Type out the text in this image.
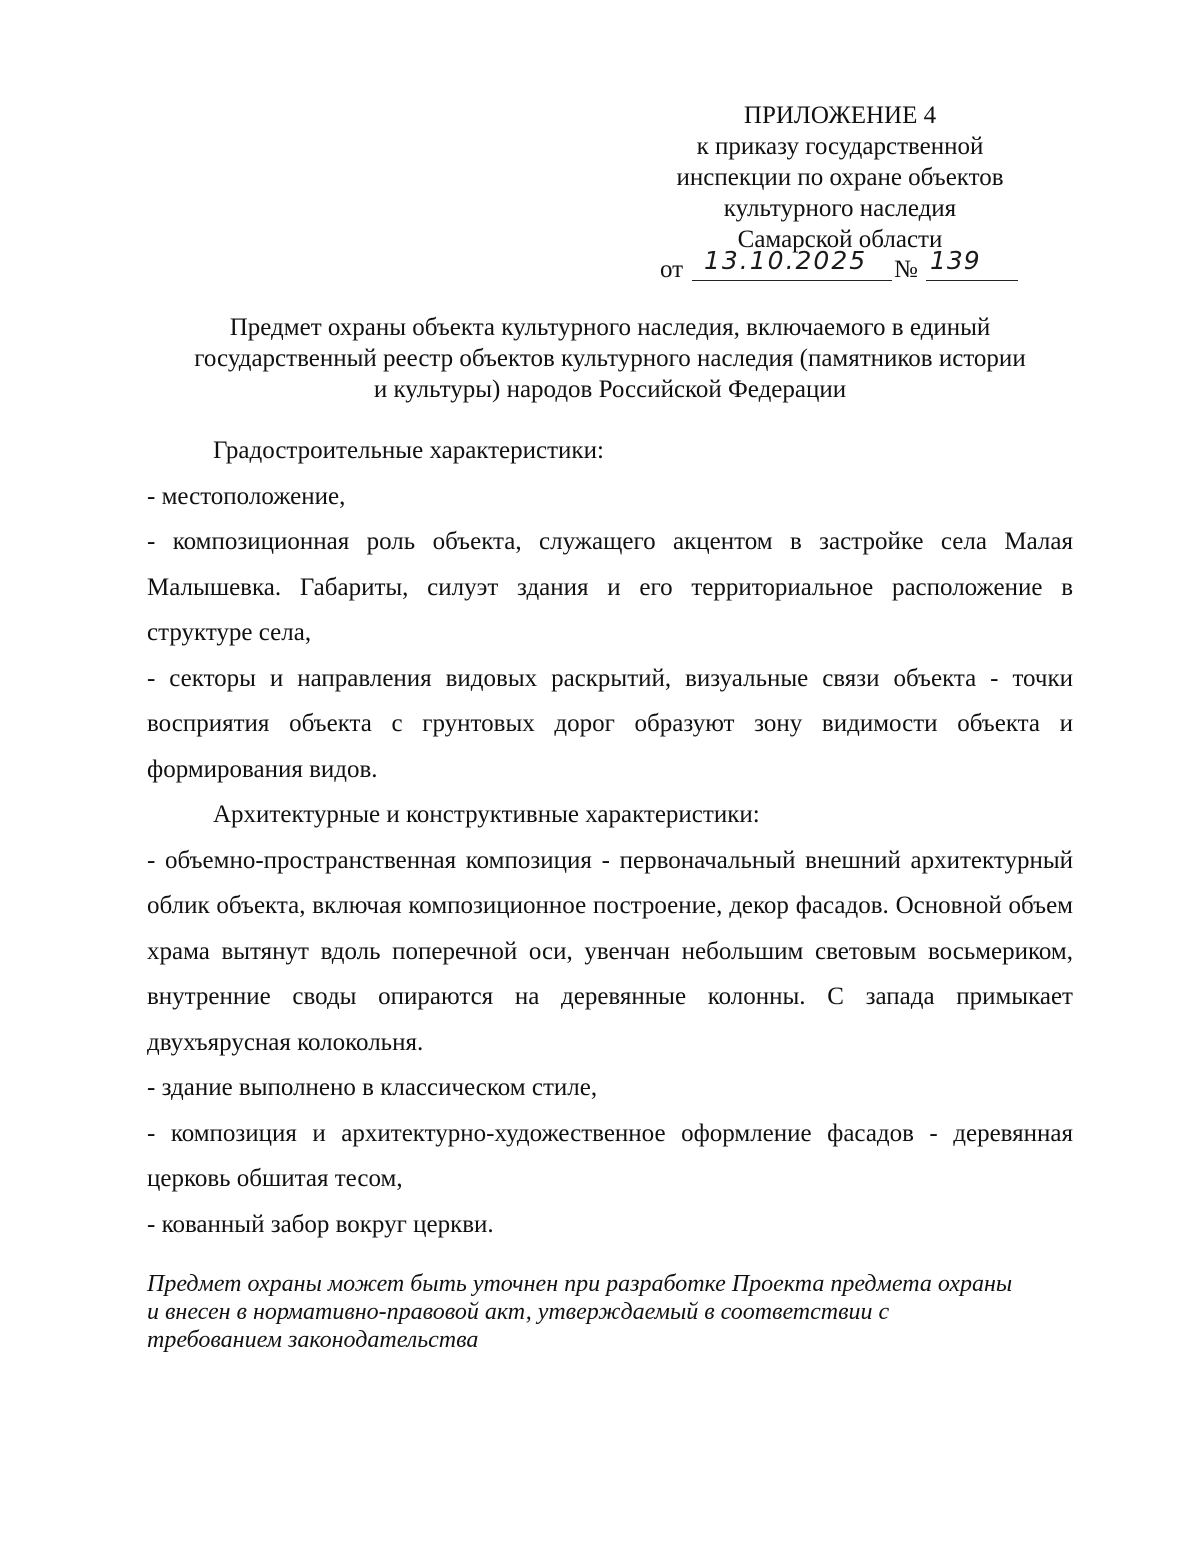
ПРИЛОЖЕНИЕ 4
к приказу государственной
инспекции по охране объектов
культурного наследия
Самарской области
от 13.10.2025 № 139
Предмет охраны объекта культурного наследия, включаемого в единый
государственный реестр объектов культурного наследия (памятников истории
и культуры) народов Российской Федерации

Градостроительные характеристики:

- местоположение,

- композиционная роль объекта, служащего акцентом в застройке села Малая Малышевка. Габариты, силуэт здания и его территориальное расположение в структуре села,

- секторы и направления видовых раскрытий, визуальные связи объекта - точки восприятия объекта с грунтовых дорог образуют зону видимости объекта и формирования видов.

Архитектурные и конструктивные характеристики:

- объемно-пространственная композиция - первоначальный внешний архитектурный облик объекта, включая композиционное построение, декор фасадов. Основной объем храма вытянут вдоль поперечной оси, увенчан небольшим световым восьмериком, внутренние своды опираются на деревянные колонны. С запада примыкает двухъярусная колокольня.

- здание выполнено в классическом стиле,

- композиция и архитектурно-художественное оформление фасадов - деревянная церковь обшитая тесом,

- кованный забор вокруг церкви.

Предмет охраны может быть уточнен при разработке Проекта предмета охраны
и внесен в нормативно-правовой акт, утверждаемый в соответствии с
требованием законодательства
